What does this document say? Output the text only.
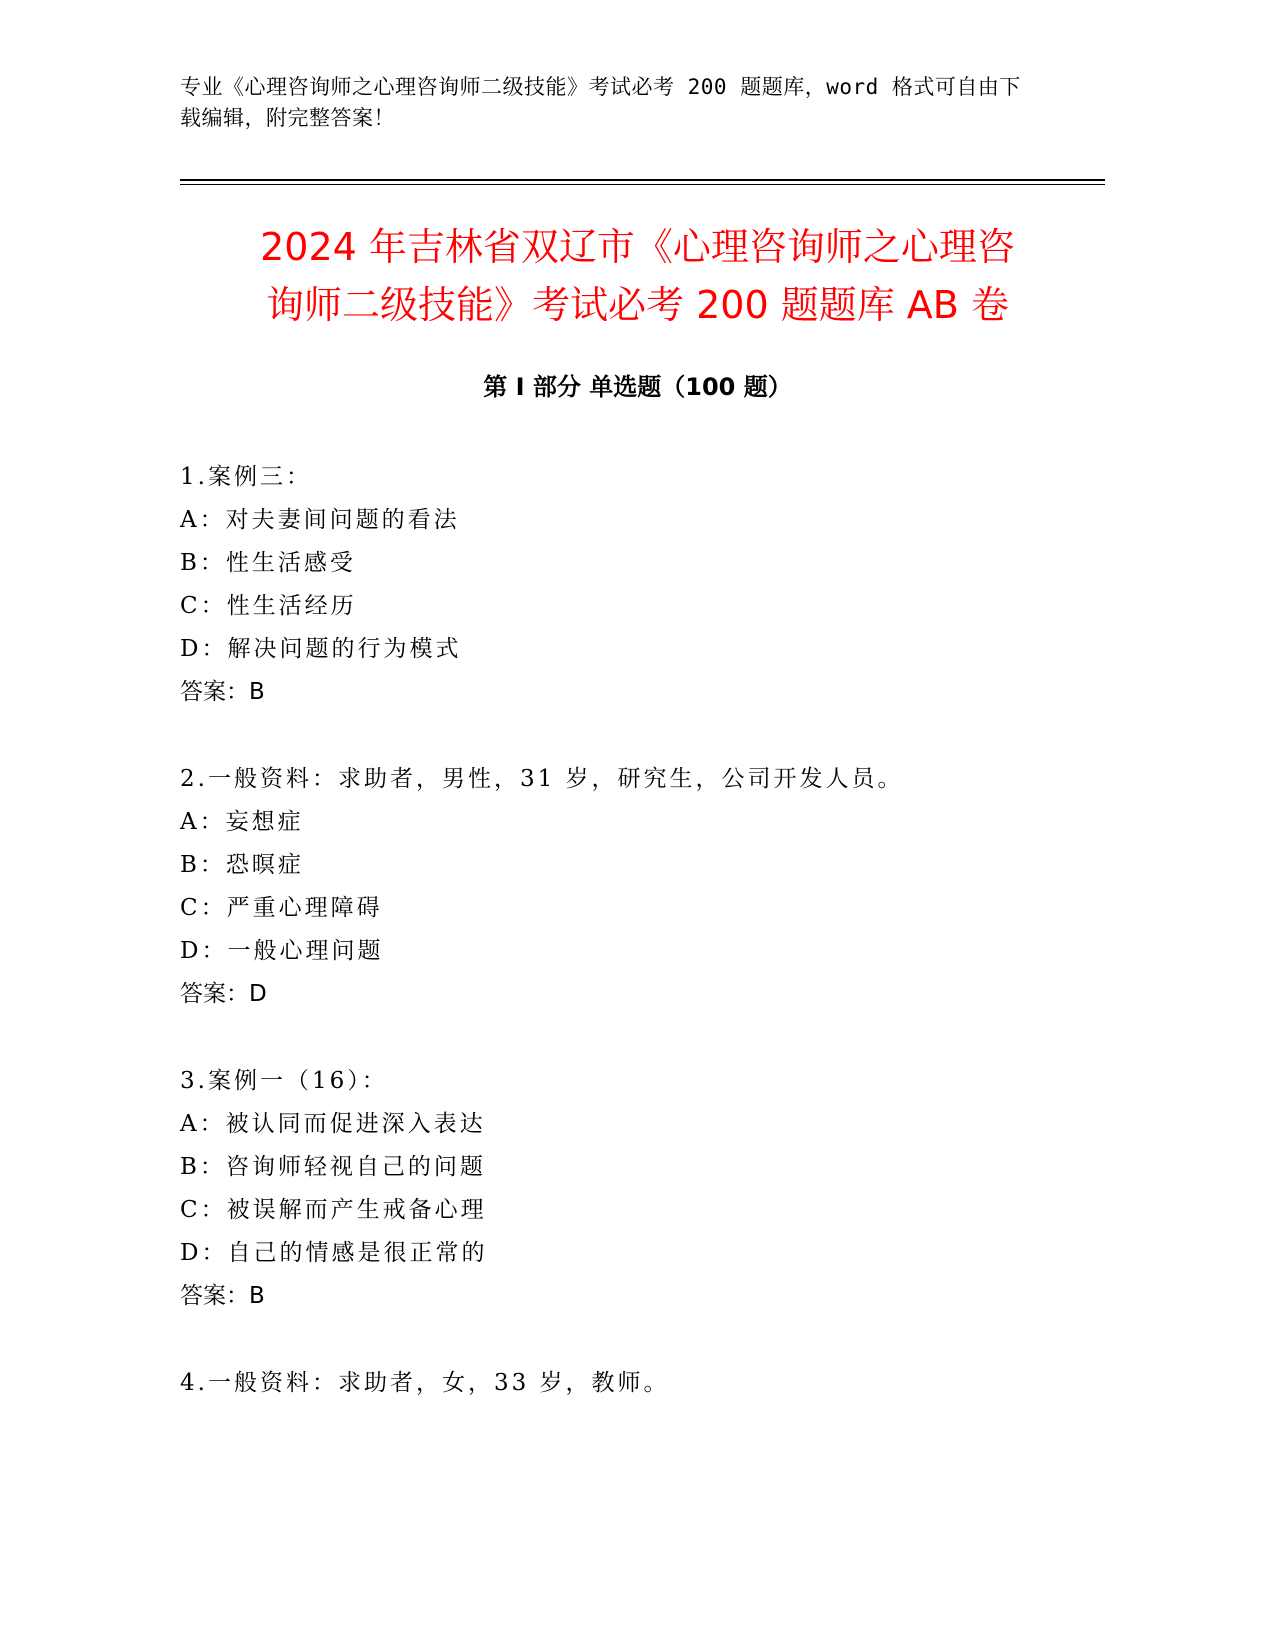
专业《心理咨询师之心理咨询师二级技能》考试必考 200 题题库，word 格式可自由下载编辑，附完整答案！
2024 年吉林省双辽市《心理咨询师之心理咨
询师二级技能》考试必考 200 题题库 AB 卷
第 I 部分 单选题（100 题）
1.案例三：
A：对夫妻间问题的看法
B：性生活感受
C：性生活经历
D：解决问题的行为模式
答案：B
2.一般资料：求助者，男性，31 岁，研究生，公司开发人员。
A：妄想症
B：恐暝症
C：严重心理障碍
D：一般心理问题
答案：D
3.案例一（16）：
A：被认同而促进深入表达
B：咨询师轻视自己的问题
C：被误解而产生戒备心理
D：自己的情感是很正常的
答案：B
4.一般资料：求助者，女，33 岁，教师。
